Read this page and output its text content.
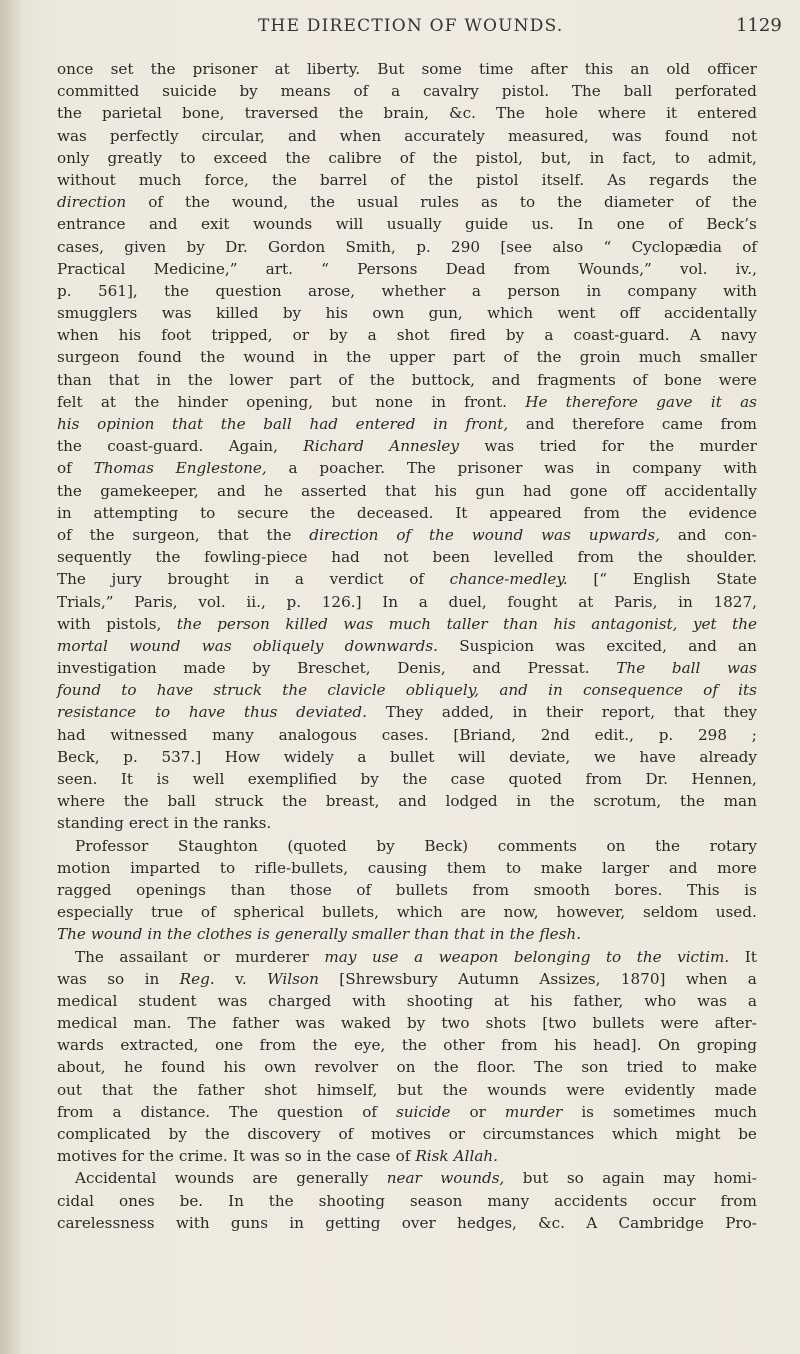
THE DIRECTION OF WOUNDS.	1129
once set the prisoner at liberty. But some time after this an old officer
committed suicide by means of a cavalry pistol. The ball perforated
the parietal bone, traversed the brain, &c. The hole where it entered
was perfectly circular, and when accurately measured, was found not
only greatly to exceed the calibre of the pistol, but, in fact, to admit,
without much force, the barrel of the pistol itself. As regards the
direction of the wound, the usual rules as to the diameter of the
entrance and exit wounds will usually guide us. In one of Beck’s
cases, given by Dr. Gordon Smith, p. 290 [see also “ Cyclopædia of
Practical Medicine,” art. “ Persons Dead from Wounds,” vol. iv.,
p. 561], the question arose, whether a person in company with
smugglers was killed by his own gun, which went off accidentally
when his foot tripped, or by a shot fired by a coast-guard. A navy
surgeon found the wound in the upper part of the groin much smaller
than that in the lower part of the buttock, and fragments of bone were
felt at the hinder opening, but none in front. He therefore gave it as
his opinion that the ball had entered in front, and therefore came from
the coast-guard. Again, Richard Annesley was tried for the murder
of Thomas Englestone, a poacher. The prisoner was in company with
the gamekeeper, and he asserted that his gun had gone off accidentally
in attempting to secure the deceased. It appeared from the evidence
of the surgeon, that the direction of the wound was upwards, and con-
sequently the fowling-piece had not been levelled from the shoulder.
The jury brought in a verdict of chance-medley. [“ English State
Trials,” Paris, vol. ii., p. 126.] In a duel, fought at Paris, in 1827,
with pistols, the person killed was much taller than his antagonist, yet the
mortal wound was obliquely downwards. Suspicion was excited, and an
investigation made by Breschet, Denis, and Pressat. The ball was
found to have struck the clavicle obliquely, and in consequence of its
resistance to have thus deviated. They added, in their report, that they
had witnessed many analogous cases. [Briand, 2nd edit., p. 298 ;
Beck, p. 537.] How widely a bullet will deviate, we have already
seen. It is well exemplified by the case quoted from Dr. Hennen,
where the ball struck the breast, and lodged in the scrotum, the man
standing erect in the ranks.
Professor Staughton (quoted by Beck) comments on the rotary
motion imparted to rifle-bullets, causing them to make larger and more
ragged openings than those of bullets from smooth bores. This is
especially true of spherical bullets, which are now, however, seldom used.
The wound in the clothes is generally smaller than that in the flesh.
The assailant or murderer may use a weapon belonging to the victim. It
was so in Reg. v. Wilson [Shrewsbury Autumn Assizes, 1870] when a
medical student was charged with shooting at his father, who was a
medical man. The father was waked by two shots [two bullets were after-
wards extracted, one from the eye, the other from his head]. On groping
about, he found his own revolver on the floor. The son tried to make
out that the father shot himself, but the wounds were evidently made
from a distance. The question of suicide or murder is sometimes much
complicated by the discovery of motives or circumstances which might be
motives for the crime. It was so in the case of Risk Allah.
Accidental wounds are generally near wounds, but so again may homi-
cidal ones be. In the shooting season many accidents occur from
carelessness with guns in getting over hedges, &c. A Cambridge Pro-
